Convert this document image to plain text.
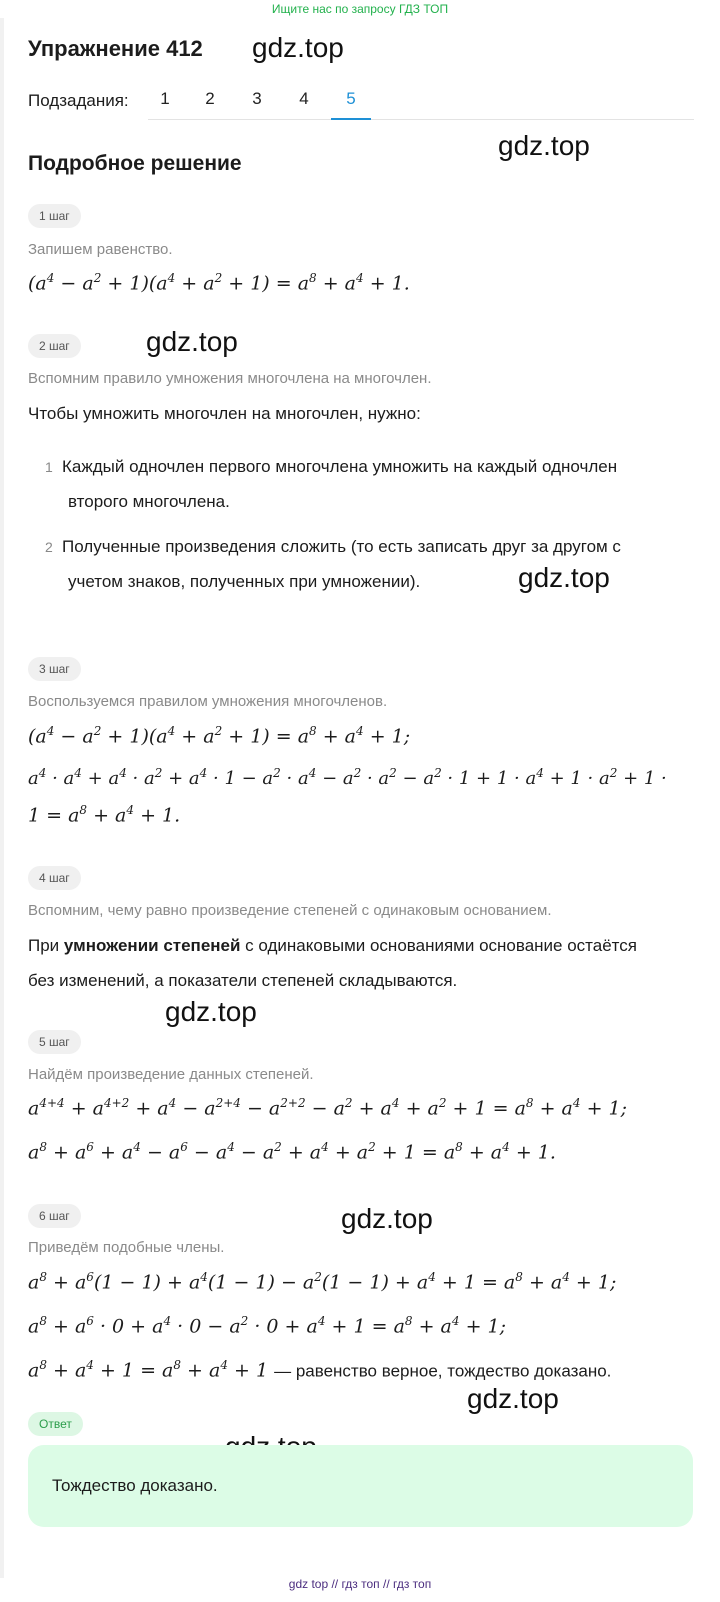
Ищите нас по запросу ГДЗ ТОП
Упражнение 412 gdz.top
gdz.top
gdz.top
gdz.top
gdz.top
gdz.top
gdz.top
Подзадания:	1	2	3	4	5
Подробное решение
1 шаг
Запишем равенство.
$(a^4 - a^2 + 1)(a^4 + a^2 + 1) = a^8 + a^4 + 1$.
2 шаг
Вспомним правило умножения многочлена на многочлен.
Чтобы умножить многочлен на многочлен, нужно:
1 Каждый одночлен первого многочлена умножить на каждый одночлен
второго многочлена.
2 Полученные произведения сложить (то есть записать друг за другом с
учетом знаков, полученных при умножении).
3 шаг
Воспользуемся правилом умножения многочленов.
$(a^4 - a^2 + 1)(a^4 + a^2 + 1) = a^8 + a^4 + 1$;
$a^4 \cdot a^4 + a^4 \cdot a^2 + a^4 \cdot 1 - a^2 \cdot a^4 - a^2 \cdot a^2 - a^2 \cdot 1 + 1 \cdot a^4 + 1 \cdot a^2 + 1$ ·
$1 = a^8 + a^4 + 1$.
4 шаг
Вспомним, чему равно произведение степеней с одинаковым основанием.
При умножении степеней с одинаковыми основаниями основание остаётся
без изменений, а показатели степеней складываются.
5 шаг
Найдём произведение данных степеней.
$a^{4+4} + a^{4+2} + a^4 - a^{2+4} - a^{2+2} - a^2 + a^4 + a^2 + 1 = a^8 + a^4 + 1$;
$a^8 + a^6 + a^4 - a^6 - a^4 - a^2 + a^4 + a^2 + 1 = a^8 + a^4 + 1$.
6 шаг
Приведём подобные члены.
$a^8 + a^6(1 - 1) + a^4(1 - 1) - a^2(1 - 1) + a^4 + 1 = a^8 + a^4 + 1$;
$a^8 + a^6 \cdot 0 + a^4 \cdot 0 - a^2 \cdot 0 + a^4 + 1 = a^8 + a^4 + 1$;
$a^8 + a^4 + 1 = a^8 + a^4 + 1$ — равенство верное, тождество доказано.
Ответ
Тождество доказано.
gdz top // гдз топ // гдз топ
